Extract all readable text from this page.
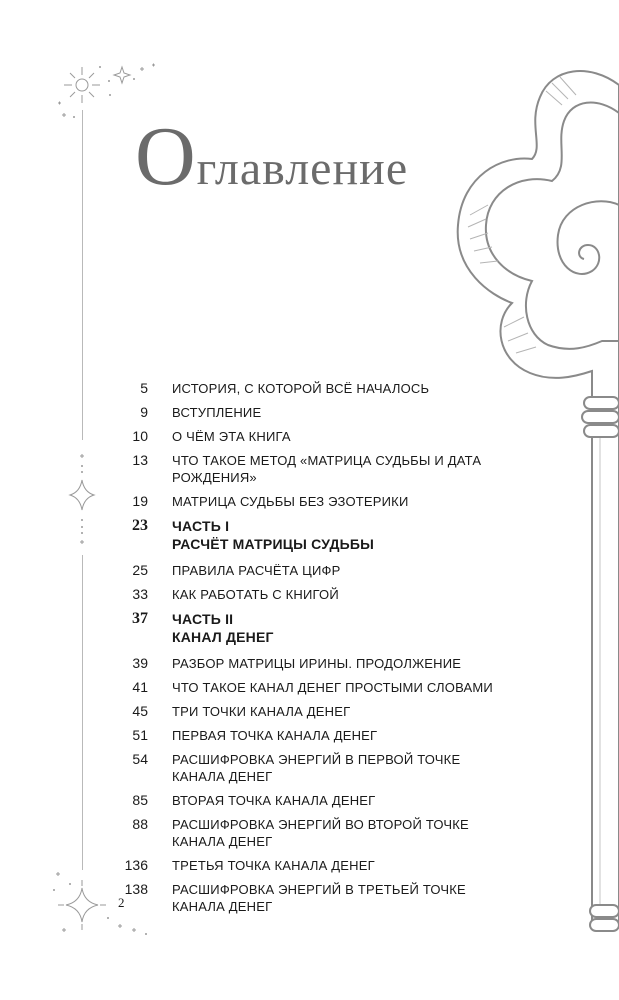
Оглавление
5	ИСТОРИЯ, С КОТОРОЙ ВСЁ НАЧАЛОСЬ
9	ВСТУПЛЕНИЕ
10	О ЧЁМ ЭТА КНИГА
13	ЧТО ТАКОЕ МЕТОД «МАТРИЦА СУДЬБЫ И ДАТА
РОЖДЕНИЯ»
19	МАТРИЦА СУДЬБЫ БЕЗ ЭЗОТЕРИКИ
23	ЧАСТЬ I
РАСЧЁТ МАТРИЦЫ СУДЬБЫ
25	ПРАВИЛА РАСЧЁТА ЦИФР
33	КАК РАБОТАТЬ С КНИГОЙ
37	ЧАСТЬ II
КАНАЛ ДЕНЕГ
39	РАЗБОР МАТРИЦЫ ИРИНЫ. ПРОДОЛЖЕНИЕ
41	ЧТО ТАКОЕ КАНАЛ ДЕНЕГ ПРОСТЫМИ СЛОВАМИ
45	ТРИ ТОЧКИ КАНАЛА ДЕНЕГ
51	ПЕРВАЯ ТОЧКА КАНАЛА ДЕНЕГ
54	РАСШИФРОВКА ЭНЕРГИЙ В ПЕРВОЙ ТОЧКЕ
КАНАЛА ДЕНЕГ
85	ВТОРАЯ ТОЧКА КАНАЛА ДЕНЕГ
88	РАСШИФРОВКА ЭНЕРГИЙ ВО ВТОРОЙ ТОЧКЕ
КАНАЛА ДЕНЕГ
136	ТРЕТЬЯ ТОЧКА КАНАЛА ДЕНЕГ
138	РАСШИФРОВКА ЭНЕРГИЙ В ТРЕТЬЕЙ ТОЧКЕ
КАНАЛА ДЕНЕГ
2
